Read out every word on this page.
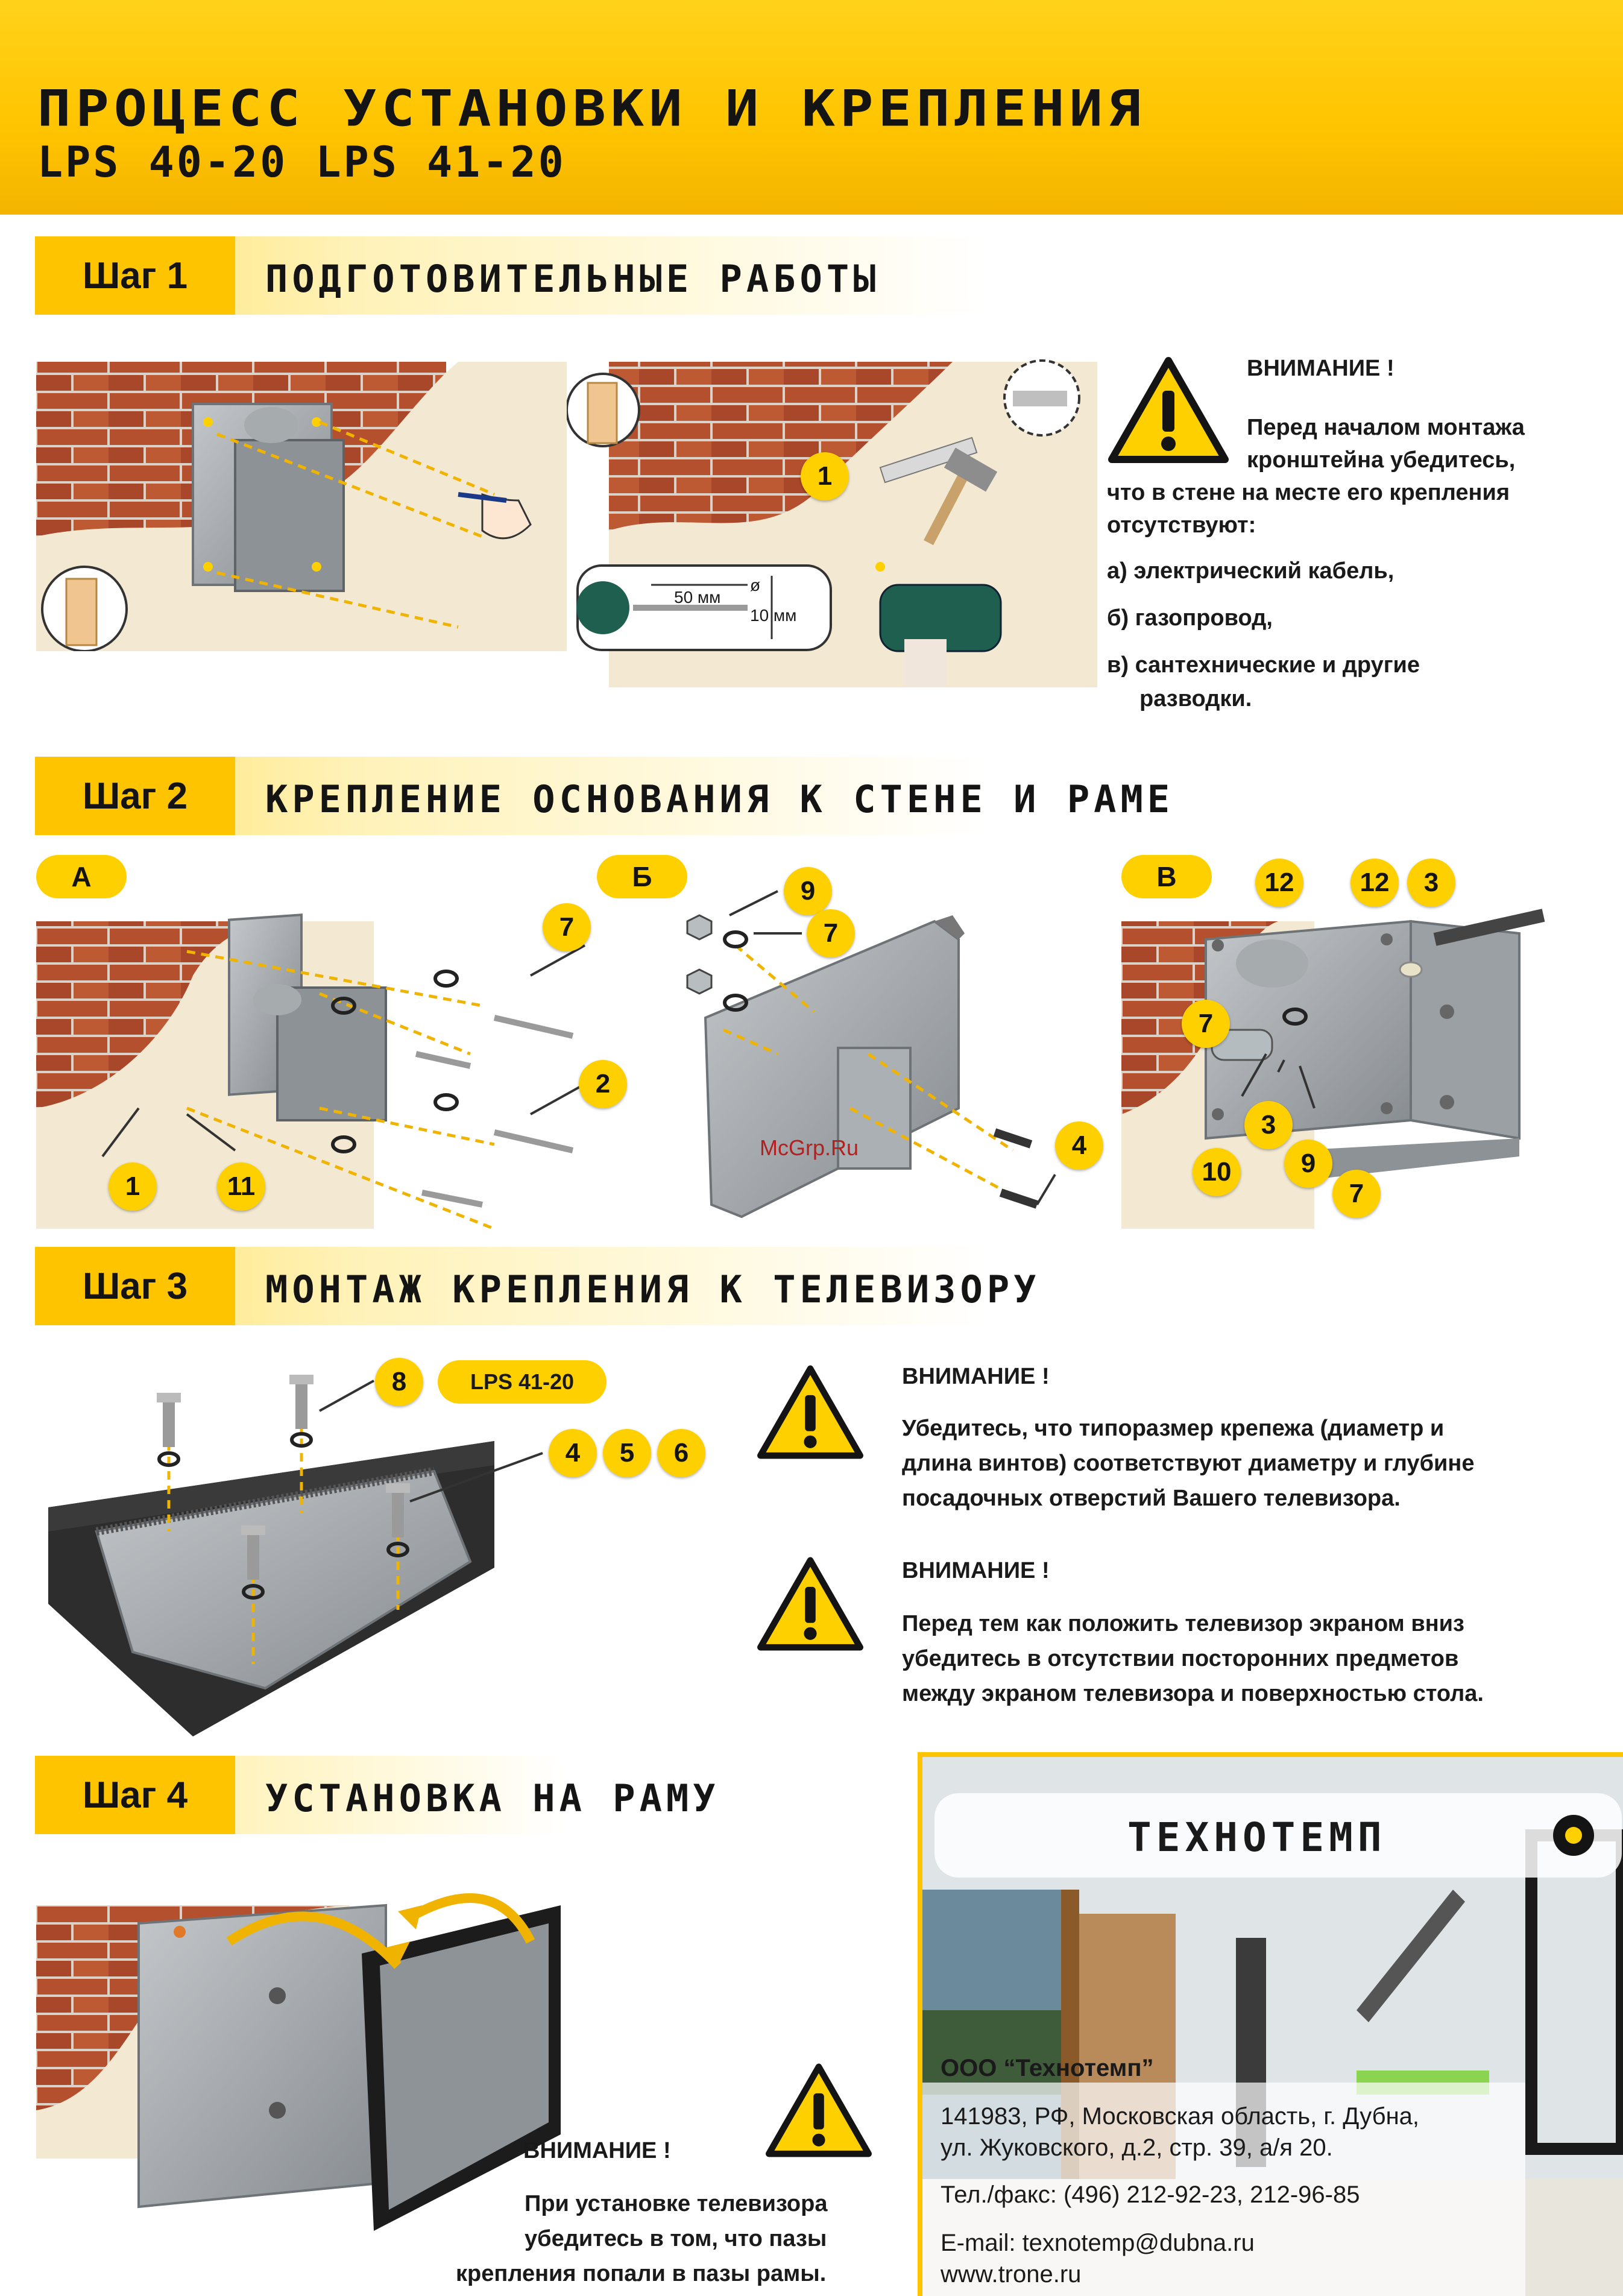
ПРОЦЕСС УСТАНОВКИ И КРЕПЛЕНИЯ
LPS 40-20 LPS 41-20
Шаг 1	ПОДГОТОВИТЕЛЬНЫЕ РАБОТЫ
1
50 мм
ø
10 мм
ВНИМАНИЕ !
Перед началом монтажа
кронштейна убедитесь,
что в стене на месте его крепления
отсутствуют:
а) электрический кабель,
б) газопровод,
в) сантехнические и другие
разводки.
Шаг 2	КРЕПЛЕНИЕ ОСНОВАНИЯ К СТЕНЕ И РАМЕ
А
7
2
1	11
Б	9
7
4
McGrp.Ru
В	12	12	3
7
3
10	9
7
Шаг 3	МОНТАЖ КРЕПЛЕНИЯ К ТЕЛЕВИЗОРУ
8	LPS 41-20
4	5	6
ВНИМАНИЕ !
Убедитесь, что типоразмер крепежа (диаметр и
длина винтов) соответствуют диаметру и глубине
посадочных отверстий Вашего телевизора.
ВНИМАНИЕ !
Перед тем как положить телевизор экраном вниз
убедитесь в отсутствии посторонних предметов
между экраном телевизора и поверхностью стола.
Шаг 4	УСТАНОВКА НА РАМУ
ВНИМАНИЕ !
При установке телевизора
убедитесь в том, что пазы
крепления попали в пазы рамы.
ТЕХНОТЕМП
ООО “Технотемп”
141983, РФ, Московская область, г. Дубна,
ул. Жуковского, д.2, стр. 39, а/я 20.
Тел./факс: (496) 212-92-23, 212-96-85
E-mail: texnotemp@dubna.ru
www.trone.ru
